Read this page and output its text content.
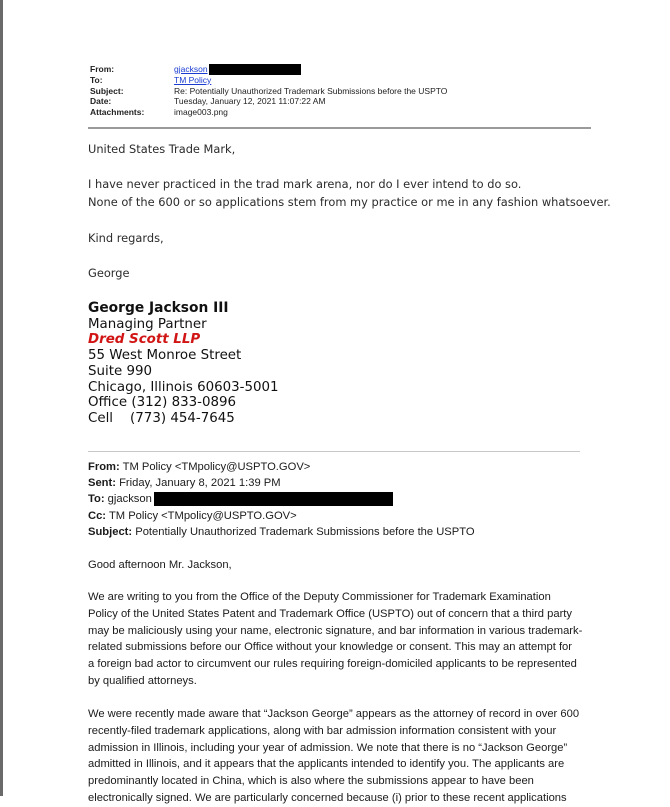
From:	gjackson
To:	TM Policy
Subject:	Re: Potentially Unauthorized Trademark Submissions before the USPTO
Date:	Tuesday, January 12, 2021 11:07:22 AM
Attachments:	image003.png
United States Trade Mark,
I have never practiced in the trad mark arena, nor do I ever intend to do so.
None of the 600 or so applications stem from my practice or me in any fashion whatsoever.
Kind regards,
George
George Jackson III
Managing Partner
Dred Scott LLP
55 West Monroe Street
Suite 990
Chicago, Illinois 60603-5001
Office (312) 833-0896
Cell    (773) 454-7645
From: TM Policy <TMpolicy@USPTO.GOV>
Sent: Friday, January 8, 2021 1:39 PM
To: gjackson
Cc: TM Policy <TMpolicy@USPTO.GOV>
Subject: Potentially Unauthorized Trademark Submissions before the USPTO
Good afternoon Mr. Jackson,
We are writing to you from the Office of the Deputy Commissioner for Trademark Examination
Policy of the United States Patent and Trademark Office (USPTO) out of concern that a third party
may be maliciously using your name, electronic signature, and bar information in various trademark-
related submissions before our Office without your knowledge or consent. This may an attempt for
a foreign bad actor to circumvent our rules requiring foreign-domiciled applicants to be represented
by qualified attorneys.
We were recently made aware that “Jackson George” appears as the attorney of record in over 600
recently-filed trademark applications, along with bar admission information consistent with your
admission in Illinois, including your year of admission. We note that there is no “Jackson George”
admitted in Illinois, and it appears that the applicants intended to identify you. The applicants are
predominantly located in China, which is also where the submissions appear to have been
electronically signed. We are particularly concerned because (i) prior to these recent applications
